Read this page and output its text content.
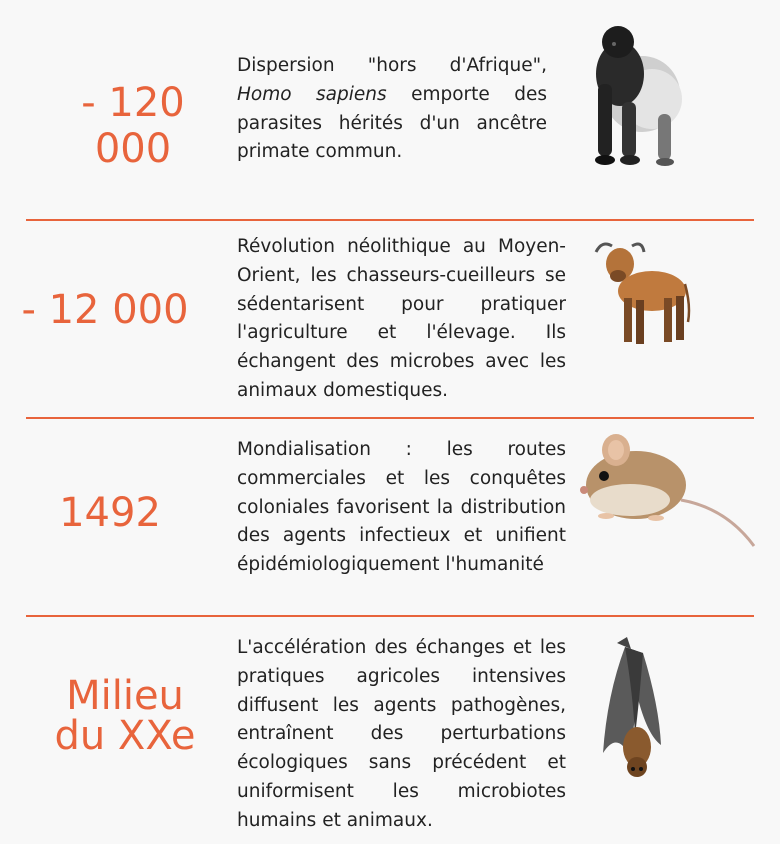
- 120 000
Dispersion "hors d'Afrique", Homo sapiens emporte des parasites hérités d'un ancêtre primate commun.
- 12 000
Révolution néolithique au Moyen-Orient, les chasseurs-cueilleurs se sédentarisent pour pratiquer l'agriculture et l'élevage. Ils échangent des microbes avec les animaux domestiques.
1492
Mondialisation : les routes commerciales et les conquêtes coloniales favorisent la distribution des agents infectieux et unifient épidémiologiquement l'humanité
Milieu
du XXe
L'accélération des échanges et les pratiques agricoles intensives diffusent les agents pathogènes, entraînent des perturbations écologiques sans précédent et uniformisent les microbiotes humains et animaux.
